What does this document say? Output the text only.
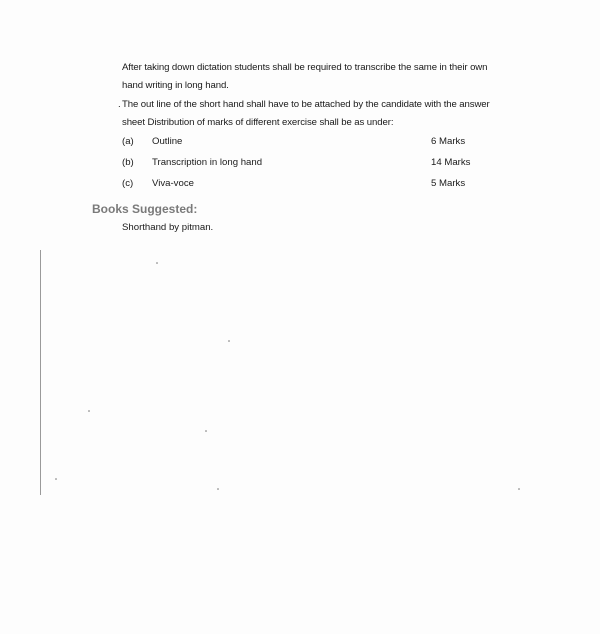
After taking down dictation students shall be required to transcribe the same in their own hand writing in long hand.

. The out line of the short hand shall have to be attached by the candidate with the answer sheet Distribution of marks of different exercise shall be as under:

(a) Outline	6 Marks
(b) Transcription in long hand	14 Marks
(c) Viva-voce	5 Marks
Books Suggested:
Shorthand by pitman.
